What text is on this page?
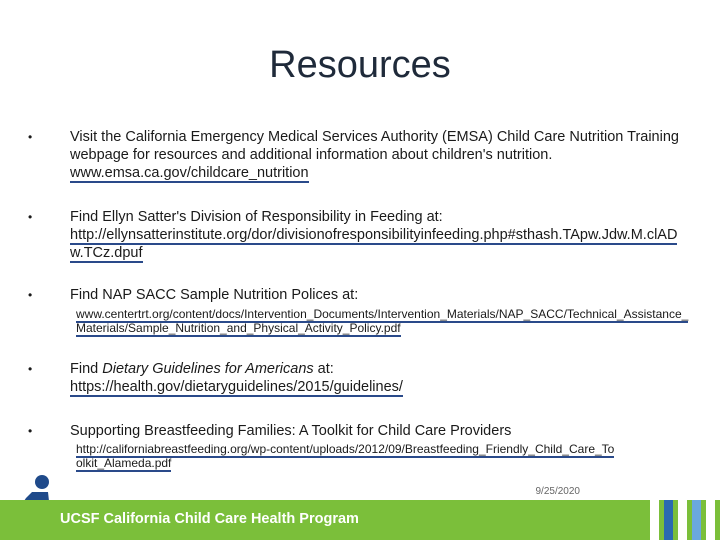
Resources
•	Visit the California Emergency Medical Services Authority (EMSA) Child Care Nutrition Training webpage for resources and additional information about children's nutrition. www.emsa.ca.gov/childcare_nutrition
•	Find Ellyn Satter's Division of Responsibility in Feeding at:
http://ellynsatterinstitute.org/dor/divisionofresponsibilityinfeeding.php#sthash.TApw.Jdw.M.clADw.TCz.dpuf
•	Find NAP SACC Sample Nutrition Polices at:
www.centertrt.org/content/docs/Intervention_Documents/Intervention_Materials/NAP_SACC/Technical_Assistance_Materials/Sample_Nutrition_and_Physical_Activity_Policy.pdf
•	Find Dietary Guidelines for Americans at:
https://health.gov/dietaryguidelines/2015/guidelines/
•	Supporting Breastfeeding Families: A Toolkit for Child Care Providers
http://californiabreastfeeding.org/wp-content/uploads/2012/09/Breastfeeding_Friendly_Child_Care_Toolkit_Alameda.pdf
9/25/2020
UCSF California Child Care Health Program
